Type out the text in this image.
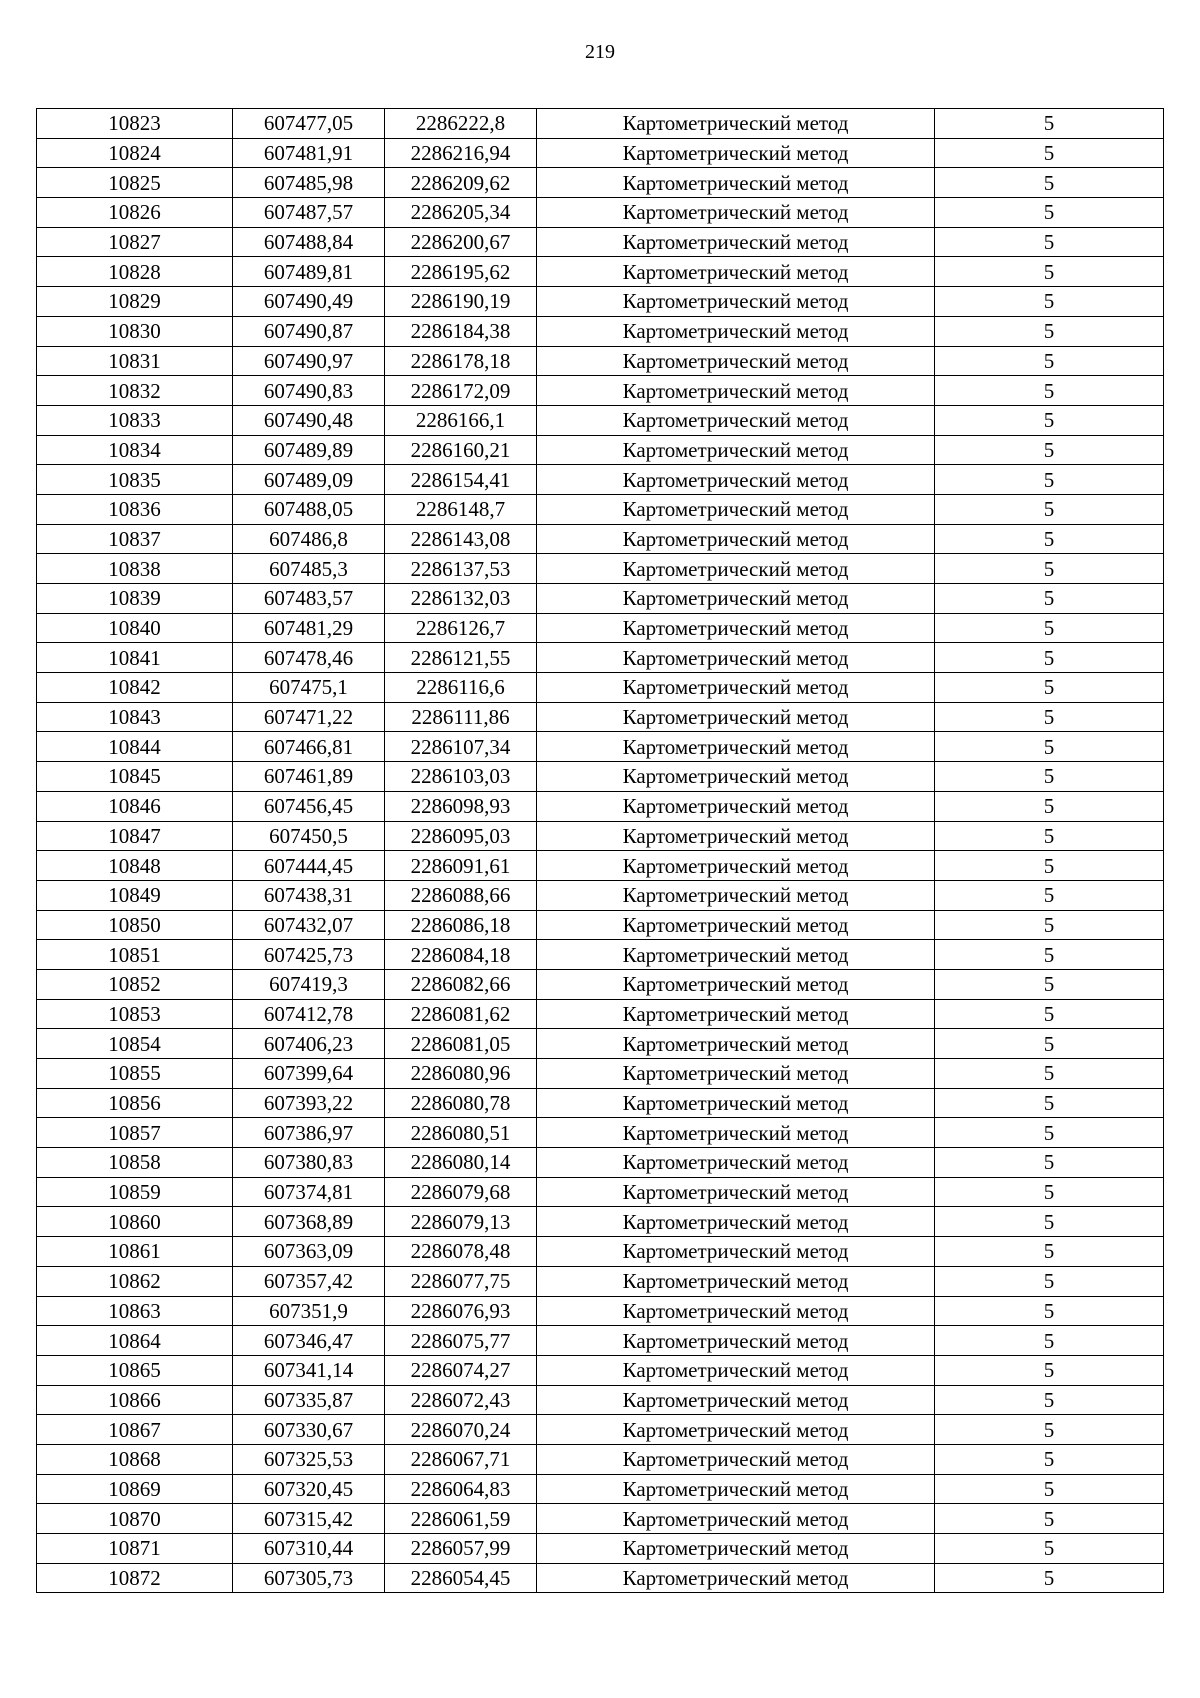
219
10823	607477,05	2286222,8	Картометрический метод	5
10824	607481,91	2286216,94	Картометрический метод	5
10825	607485,98	2286209,62	Картометрический метод	5
10826	607487,57	2286205,34	Картометрический метод	5
10827	607488,84	2286200,67	Картометрический метод	5
10828	607489,81	2286195,62	Картометрический метод	5
10829	607490,49	2286190,19	Картометрический метод	5
10830	607490,87	2286184,38	Картометрический метод	5
10831	607490,97	2286178,18	Картометрический метод	5
10832	607490,83	2286172,09	Картометрический метод	5
10833	607490,48	2286166,1	Картометрический метод	5
10834	607489,89	2286160,21	Картометрический метод	5
10835	607489,09	2286154,41	Картометрический метод	5
10836	607488,05	2286148,7	Картометрический метод	5
10837	607486,8	2286143,08	Картометрический метод	5
10838	607485,3	2286137,53	Картометрический метод	5
10839	607483,57	2286132,03	Картометрический метод	5
10840	607481,29	2286126,7	Картометрический метод	5
10841	607478,46	2286121,55	Картометрический метод	5
10842	607475,1	2286116,6	Картометрический метод	5
10843	607471,22	2286111,86	Картометрический метод	5
10844	607466,81	2286107,34	Картометрический метод	5
10845	607461,89	2286103,03	Картометрический метод	5
10846	607456,45	2286098,93	Картометрический метод	5
10847	607450,5	2286095,03	Картометрический метод	5
10848	607444,45	2286091,61	Картометрический метод	5
10849	607438,31	2286088,66	Картометрический метод	5
10850	607432,07	2286086,18	Картометрический метод	5
10851	607425,73	2286084,18	Картометрический метод	5
10852	607419,3	2286082,66	Картометрический метод	5
10853	607412,78	2286081,62	Картометрический метод	5
10854	607406,23	2286081,05	Картометрический метод	5
10855	607399,64	2286080,96	Картометрический метод	5
10856	607393,22	2286080,78	Картометрический метод	5
10857	607386,97	2286080,51	Картометрический метод	5
10858	607380,83	2286080,14	Картометрический метод	5
10859	607374,81	2286079,68	Картометрический метод	5
10860	607368,89	2286079,13	Картометрический метод	5
10861	607363,09	2286078,48	Картометрический метод	5
10862	607357,42	2286077,75	Картометрический метод	5
10863	607351,9	2286076,93	Картометрический метод	5
10864	607346,47	2286075,77	Картометрический метод	5
10865	607341,14	2286074,27	Картометрический метод	5
10866	607335,87	2286072,43	Картометрический метод	5
10867	607330,67	2286070,24	Картометрический метод	5
10868	607325,53	2286067,71	Картометрический метод	5
10869	607320,45	2286064,83	Картометрический метод	5
10870	607315,42	2286061,59	Картометрический метод	5
10871	607310,44	2286057,99	Картометрический метод	5
10872	607305,73	2286054,45	Картометрический метод	5
